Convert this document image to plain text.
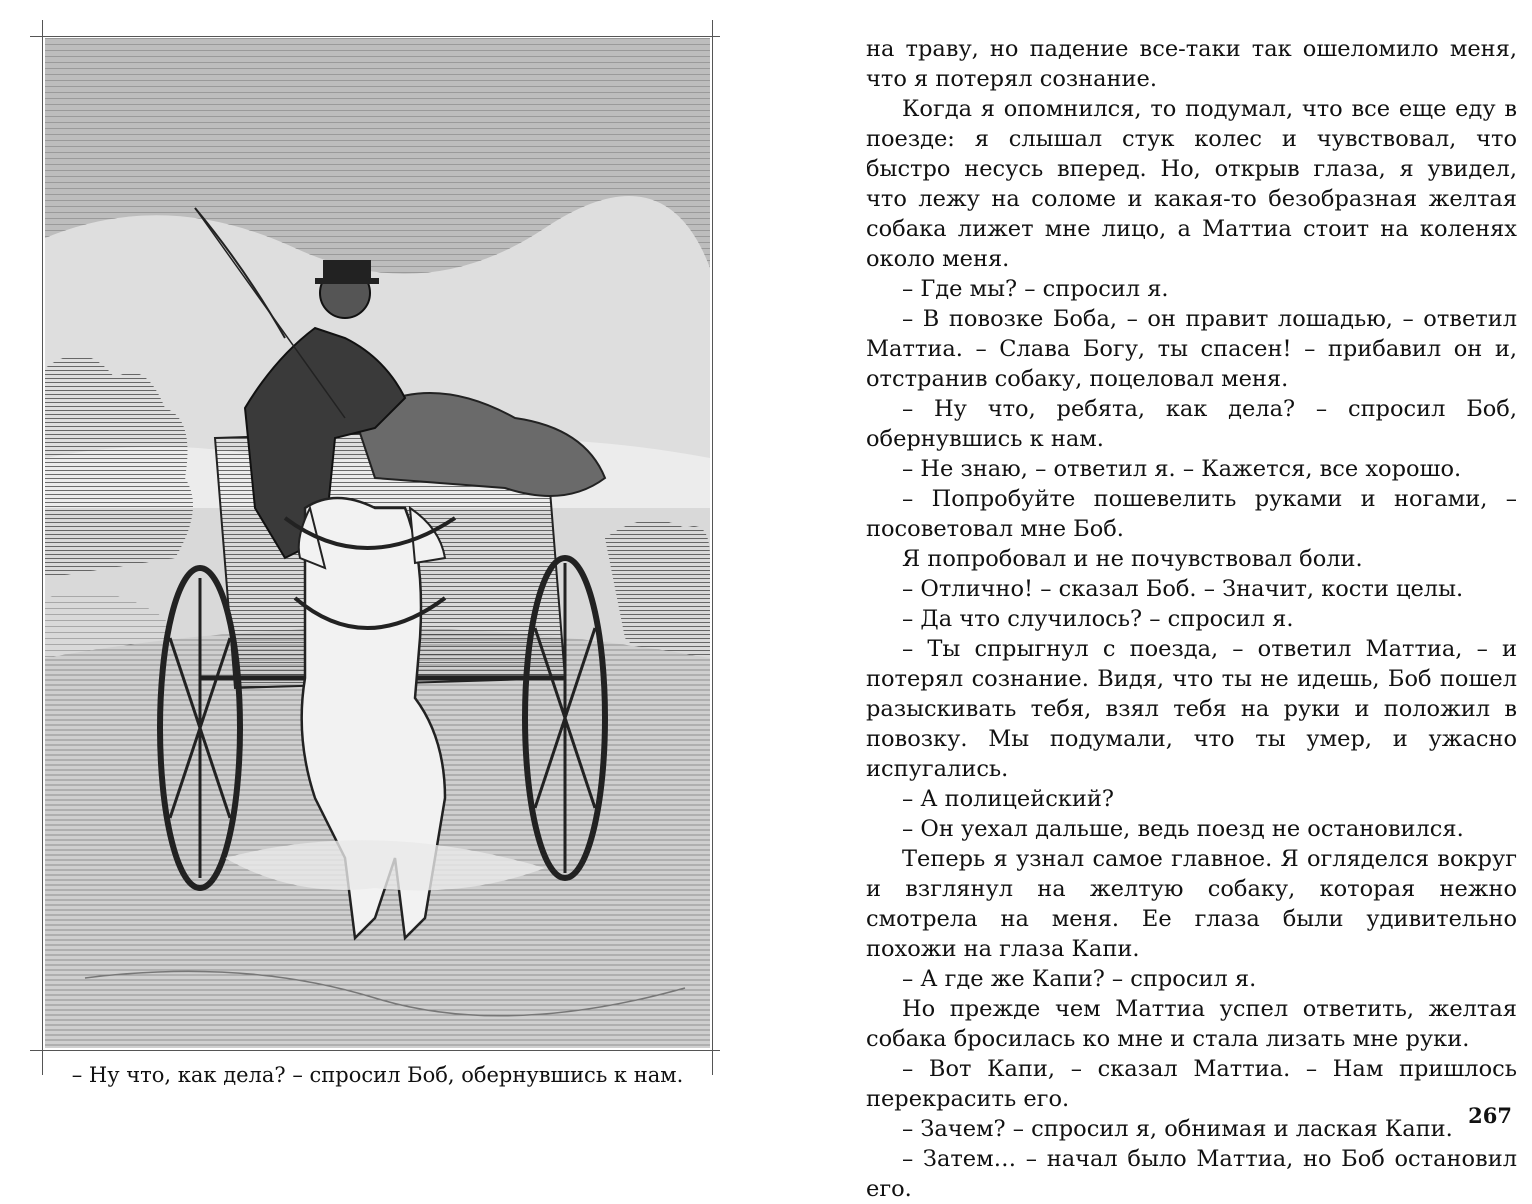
– Ну что, как дела? – спросил Боб, обернувшись к нам.

на траву, но падение все-таки так ошеломило меня, что я потерял сознание.

Когда я опомнился, то подумал, что все еще еду в поезде: я слышал стук колес и чувствовал, что быстро несусь вперед. Но, открыв глаза, я увидел, что лежу на соломе и какая-то безобразная желтая собака лижет мне лицо, а Маттиа стоит на коленях около меня.

– Где мы? – спросил я.

– В повозке Боба, – он правит лошадью, – ответил Маттиа. – Слава Богу, ты спасен! – прибавил он и, отстранив собаку, поцеловал меня.

– Ну что, ребята, как дела? – спросил Боб, обернувшись к нам.

– Не знаю, – ответил я. – Кажется, все хорошо.

– Попробуйте пошевелить руками и ногами, – посоветовал мне Боб.

Я попробовал и не почувствовал боли.

– Отлично! – сказал Боб. – Значит, кости целы.

– Да что случилось? – спросил я.

– Ты спрыгнул с поезда, – ответил Маттиа, – и потерял сознание. Видя, что ты не идешь, Боб пошел разыскивать тебя, взял тебя на руки и положил в повозку. Мы подумали, что ты умер, и ужасно испугались.

– А полицейский?

– Он уехал дальше, ведь поезд не остановился.

Теперь я узнал самое главное. Я огляделся вокруг и взглянул на желтую собаку, которая нежно смотрела на меня. Ее глаза были удивительно похожи на глаза Капи.

– А где же Капи? – спросил я.

Но прежде чем Маттиа успел ответить, желтая собака бросилась ко мне и стала лизать мне руки.

– Вот Капи, – сказал Маттиа. – Нам пришлось перекрасить его.

– Зачем? – спросил я, обнимая и лаская Капи.

– Затем… – начал было Маттиа, но Боб остановил его.

267
